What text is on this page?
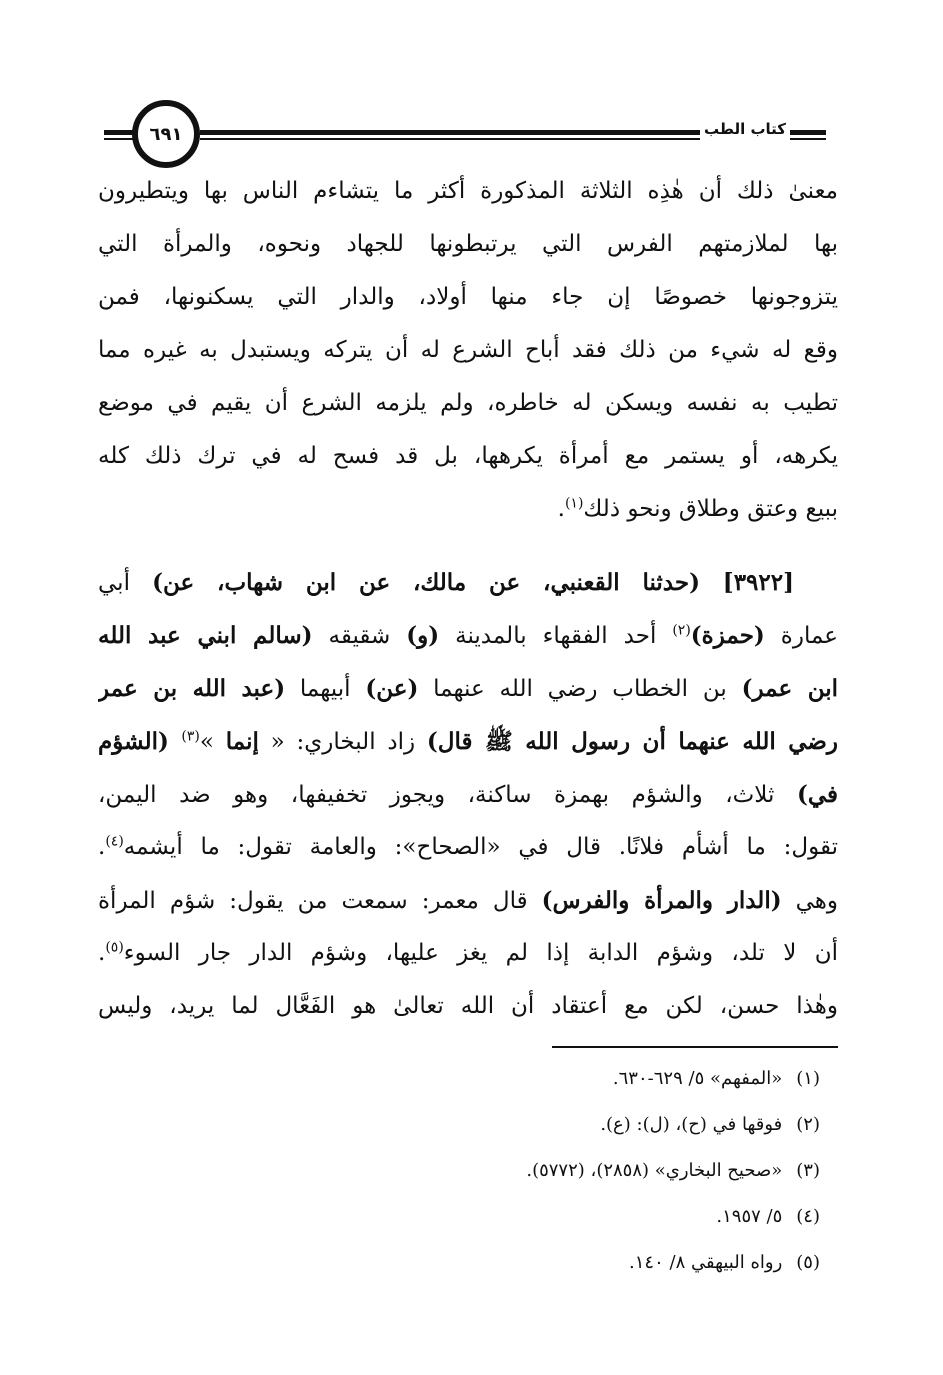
٦٩١	كتاب الطب
معنىٰ ذلك أن هٰذِه الثلاثة المذكورة أكثر ما يتشاءم الناس بها ويتطيرون
بها لملازمتهم الفرس التي يرتبطونها للجهاد ونحوه، والمرأة التي
يتزوجونها خصوصًا إن جاء منها أولاد، والدار التي يسكنونها، فمن
وقع له شيء من ذلك فقد أباح الشرع له أن يتركه ويستبدل به غيره مما
تطيب به نفسه ويسكن له خاطره، ولم يلزمه الشرع أن يقيم في موضع
يكرهه، أو يستمر مع أمرأة يكرهها، بل قد فسح له في ترك ذلك كله
ببيع وعتق وطلاق ونحو ذلك$^{(١)}$.
[٣٩٢٢] (حدثنا القعنبي، عن مالك، عن ابن شهاب، عن) أبي
عمارة (حمزة)$^{(٢)}$ أحد الفقهاء بالمدينة (و) شقيقه (سالم ابني عبد الله
ابن عمر) بن الخطاب رضي الله عنهما (عن) أبيهما (عبد الله بن عمر
رضي الله عنهما أن رسول الله ﷺ قال) زاد البخاري: « إنما »$^{(٣)}$ (الشؤم
في) ثلاث، والشؤم بهمزة ساكنة، ويجوز تخفيفها، وهو ضد اليمن،
تقول: ما أشأم فلانًا. قال في «الصحاح»: والعامة تقول: ما أيشمه$^{(٤)}$.
وهي (الدار والمرأة والفرس) قال معمر: سمعت من يقول: شؤم المرأة
أن لا تلد، وشؤم الدابة إذا لم يغز عليها، وشؤم الدار جار السوء$^{(٥)}$.
وهٰذا حسن، لكن مع أعتقاد أن الله تعالىٰ هو الفَعَّال لما يريد، وليس
(١)«المفهم» ٥/ ٦٢٩-٦٣٠.
(٢)فوقها في (ح)، (ل): (ع).
(٣)«صحيح البخاري» (٢٨٥٨)، (٥٧٧٢).
(٤)٥/ ١٩٥٧.
(٥)رواه البيهقي ٨/ ١٤٠.
